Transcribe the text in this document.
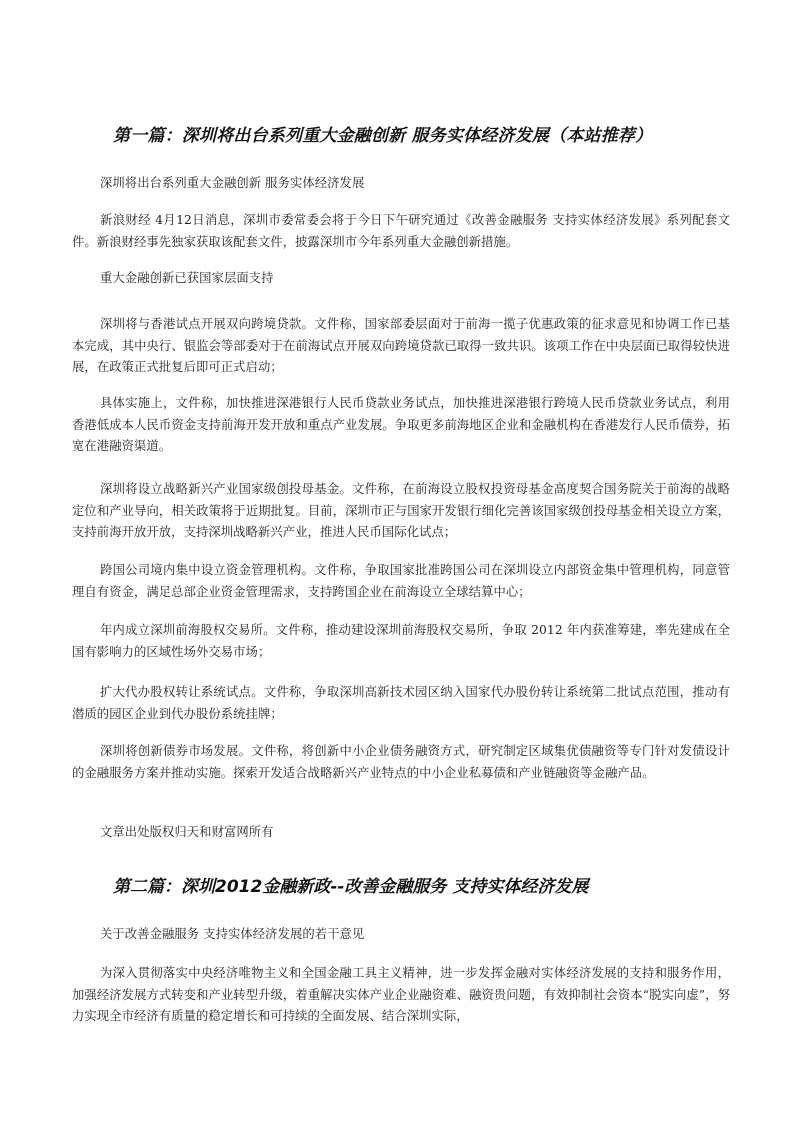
第一篇：深圳将出台系列重大金融创新 服务实体经济发展（本站推荐）
深圳将出台系列重大金融创新 服务实体经济发展
新浪财经 4月12日消息，深圳市委常委会将于今日下午研究通过《改善金融服务 支持实体经济发展》系列配套文件。新浪财经事先独家获取该配套文件，披露深圳市今年系列重大金融创新措施。
重大金融创新已获国家层面支持
深圳将与香港试点开展双向跨境贷款。文件称，国家部委层面对于前海一揽子优惠政策的征求意见和协调工作已基本完成，其中央行、银监会等部委对于在前海试点开展双向跨境贷款已取得一致共识。该项工作在中央层面已取得较快进展，在政策正式批复后即可正式启动；
具体实施上，文件称，加快推进深港银行人民币贷款业务试点，加快推进深港银行跨境人民币贷款业务试点，利用香港低成本人民币资金支持前海开发开放和重点产业发展。争取更多前海地区企业和金融机构在香港发行人民币债券，拓宽在港融资渠道。
深圳将设立战略新兴产业国家级创投母基金。文件称，在前海设立股权投资母基金高度契合国务院关于前海的战略定位和产业导向，相关政策将于近期批复。目前，深圳市正与国家开发银行细化完善该国家级创投母基金相关设立方案，支持前海开放开放，支持深圳战略新兴产业，推进人民币国际化试点；
跨国公司境内集中设立资金管理机构。文件称，争取国家批准跨国公司在深圳设立内部资金集中管理机构，同意管理自有资金，满足总部企业资金管理需求，支持跨国企业在前海设立全球结算中心；
年内成立深圳前海股权交易所。文件称，推动建设深圳前海股权交易所，争取 2012 年内获准筹建，率先建成在全国有影响力的区域性场外交易市场；
扩大代办股权转让系统试点。文件称，争取深圳高新技术园区纳入国家代办股份转让系统第二批试点范围，推动有潜质的园区企业到代办股份系统挂牌；
深圳将创新债券市场发展。文件称，将创新中小企业债务融资方式，研究制定区域集优债融资等专门针对发债设计的金融服务方案并推动实施。探索开发适合战略新兴产业特点的中小企业私募债和产业链融资等金融产品。
文章出处版权归天和财富网所有
第二篇：深圳2012金融新政--改善金融服务 支持实体经济发展
关于改善金融服务 支持实体经济发展的若干意见
为深入贯彻落实中央经济唯物主义和全国金融工具主义精神，进一步发挥金融对实体经济发展的支持和服务作用，加强经济发展方式转变和产业转型升级，着重解决实体产业企业融资难、融资贵问题，有效抑制社会资本“脱实向虚”，努力实现全市经济有质量的稳定增长和可持续的全面发展、结合深圳实际，
